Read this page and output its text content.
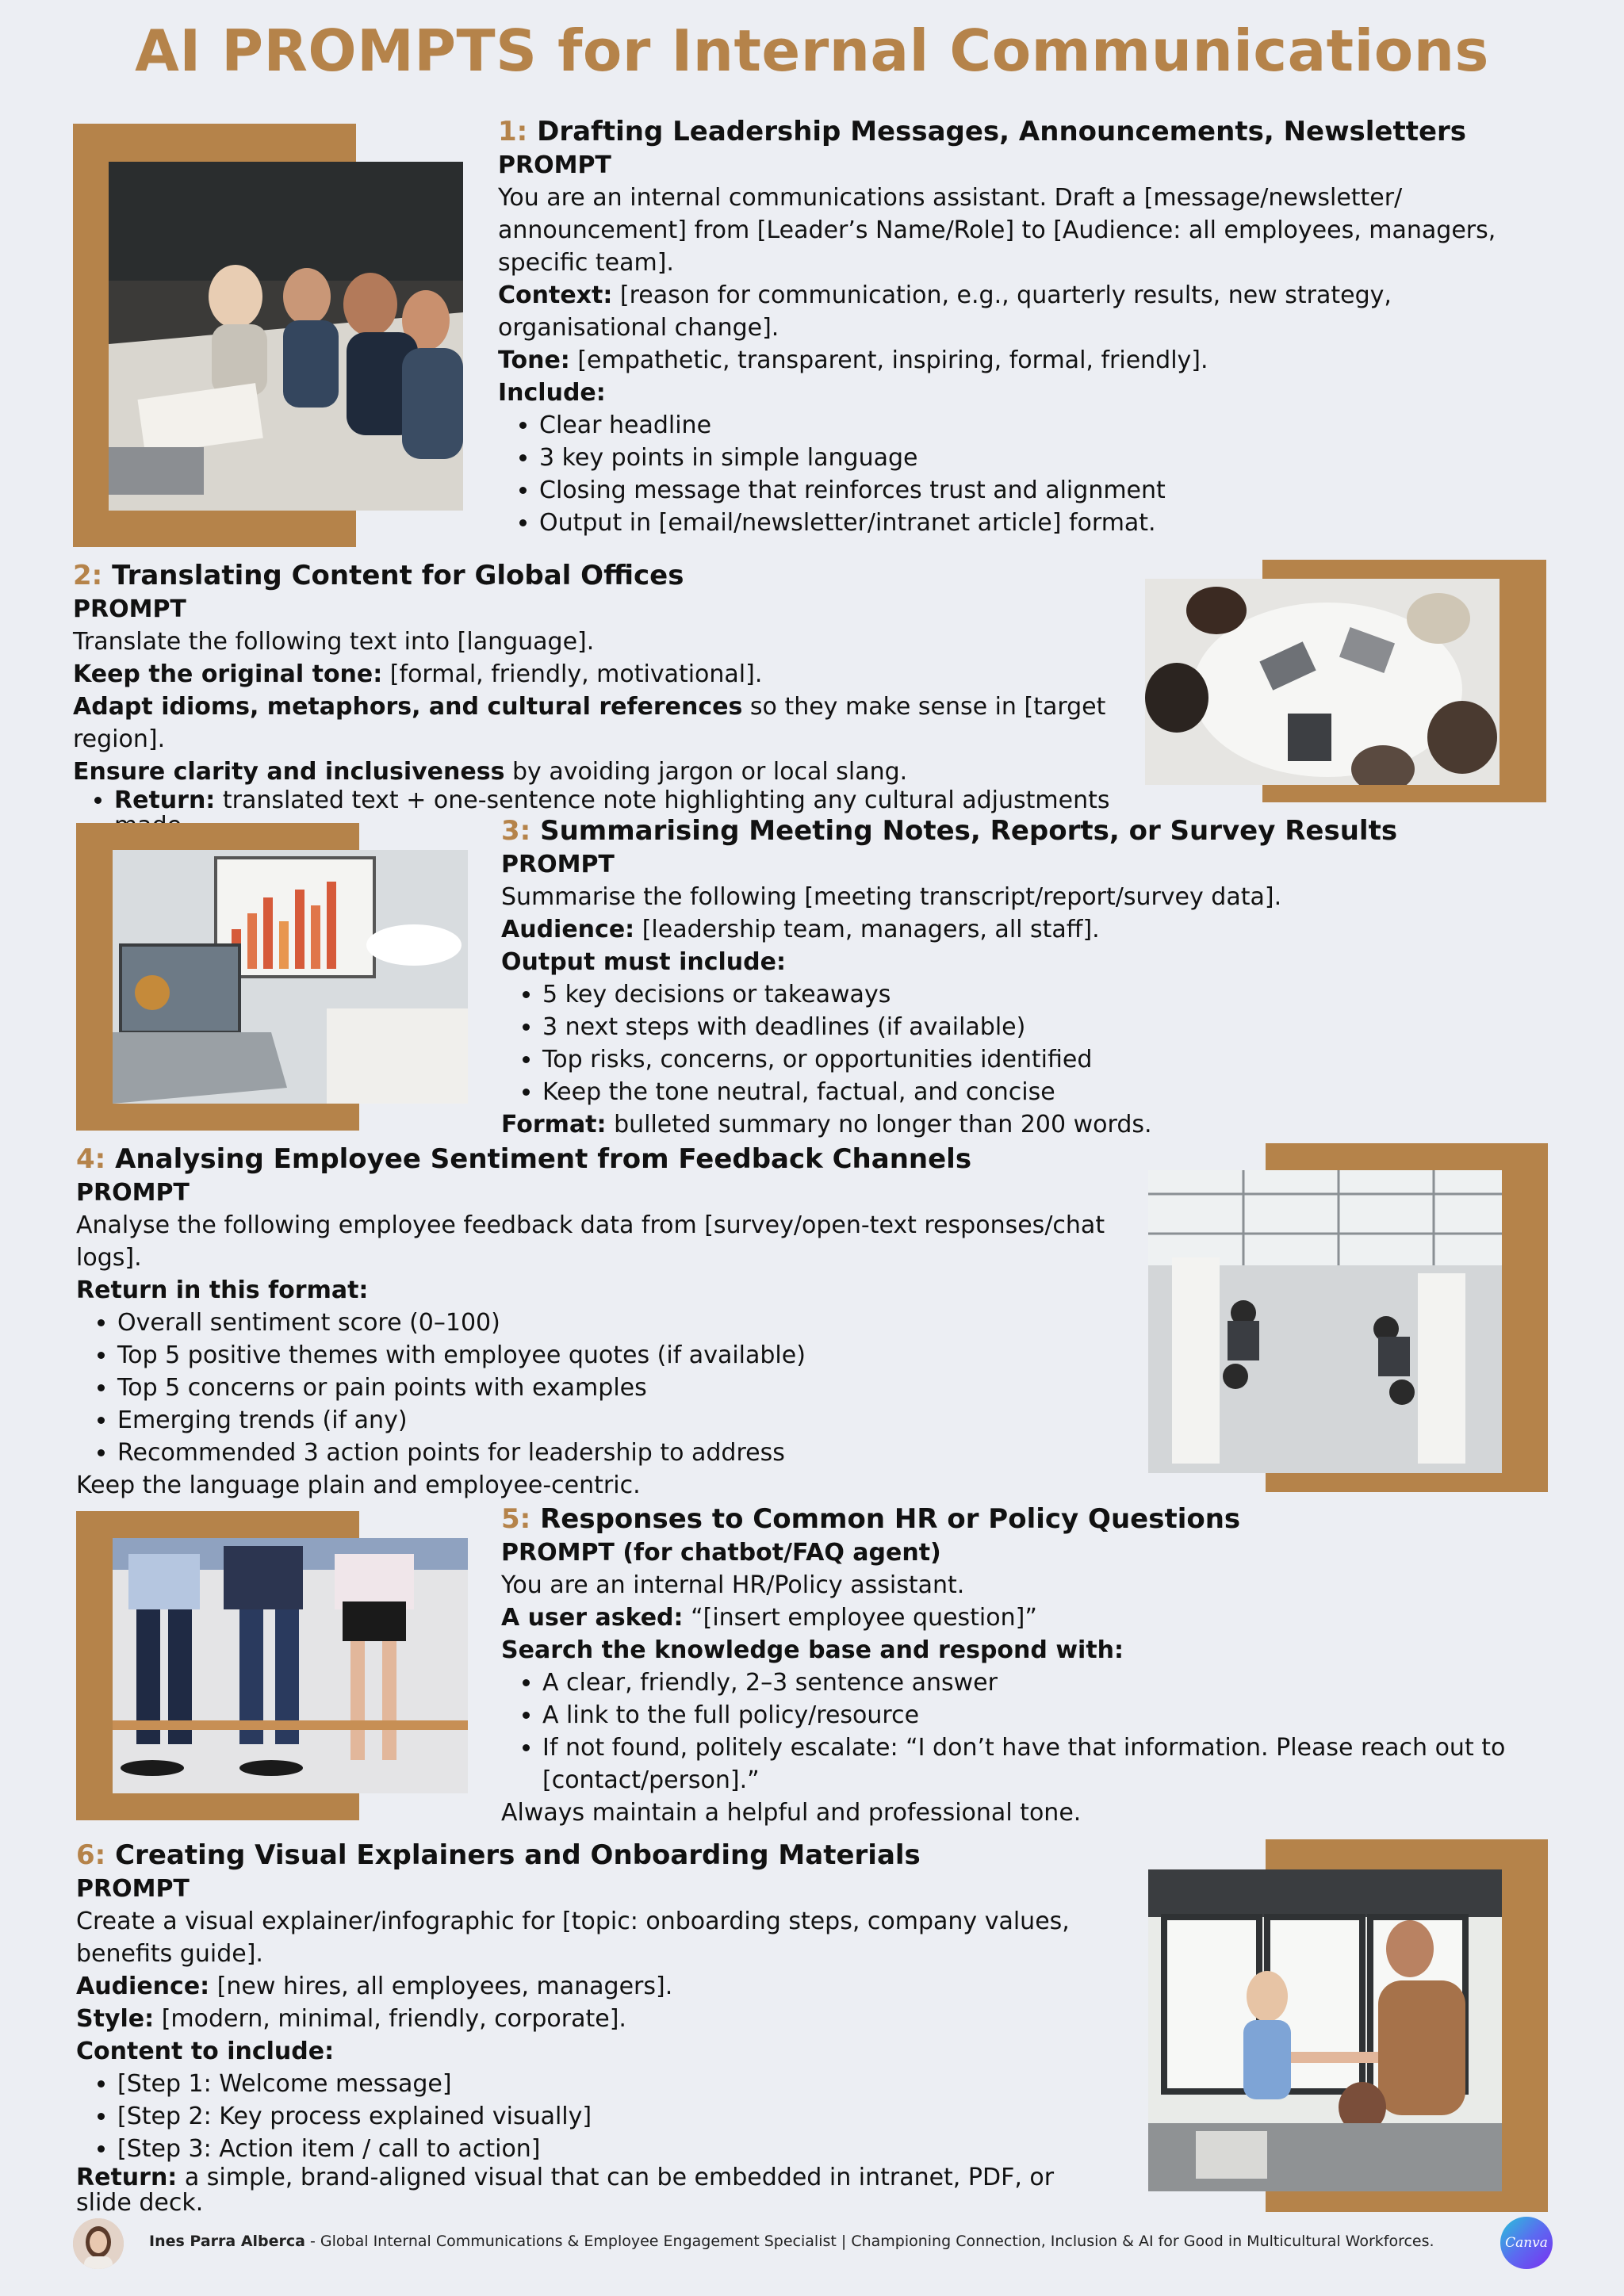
AI PROMPTS for Internal Communications
1: Drafting Leadership Messages, Announcements, Newsletters

PROMPT

You are an internal communications assistant. Draft a [message/newsletter/ announcement] from [Leader’s Name/Role] to [Audience: all employees, managers, specific team].

Context: [reason for communication, e.g., quarterly results, new strategy, organisational change].

Tone: [empathetic, transparent, inspiring, formal, friendly].

Include:

• Clear headline
• 3 key points in simple language
• Closing message that reinforces trust and alignment
• Output in [email/newsletter/intranet article] format.
2: Translating Content for Global Offices

PROMPT

Translate the following text into [language].

Keep the original tone: [formal, friendly, motivational].

Adapt idioms, metaphors, and cultural references so they make sense in [target region].

Ensure clarity and inclusiveness by avoiding jargon or local slang.

• Return: translated text + one-sentence note highlighting any cultural adjustments
3: Summarising Meeting Notes, Reports, or Survey Results

PROMPT

Summarise the following [meeting transcript/report/survey data].

Audience: [leadership team, managers, all staff].

Output must include:

• 5 key decisions or takeaways
• 3 next steps with deadlines (if available)
• Top risks, concerns, or opportunities identified
• Keep the tone neutral, factual, and concise

Format: bulleted summary no longer than 200 words.

4: Analysing Employee Sentiment from Feedback Channels

PROMPT

Analyse the following employee feedback data from [survey/open-text responses/chat logs].

Return in this format:

• Overall sentiment score (0–100)
• Top 5 positive themes with employee quotes (if available)
• Top 5 concerns or pain points with examples
• Emerging trends (if any)
• Recommended 3 action points for leadership to address

Keep the language plain and employee-centric.

5: Responses to Common HR or Policy Questions

PROMPT (for chatbot/FAQ agent)

You are an internal HR/Policy assistant.

A user asked: “[insert employee question]”

Search the knowledge base and respond with:

• A clear, friendly, 2–3 sentence answer
• A link to the full policy/resource
• If not found, politely escalate: “I don’t have that information. Please reach out to [contact/person].”

Always maintain a helpful and professional tone.

6: Creating Visual Explainers and Onboarding Materials

PROMPT

Create a visual explainer/infographic for [topic: onboarding steps, company values, benefits guide].

Audience: [new hires, all employees, managers].

Style: [modern, minimal, friendly, corporate].

Content to include:

• [Step 1: Welcome message]
• [Step 2: Key process explained visually]
• [Step 3: Action item / call to action]

Return: a simple, brand-aligned visual that can be embedded in intranet, PDF, or slide deck.

Ines Parra Alberca - Global Internal Communications & Employee Engagement Specialist | Championing Connection, Inclusion & AI for Good in Multicultural Workforces.	Canva
